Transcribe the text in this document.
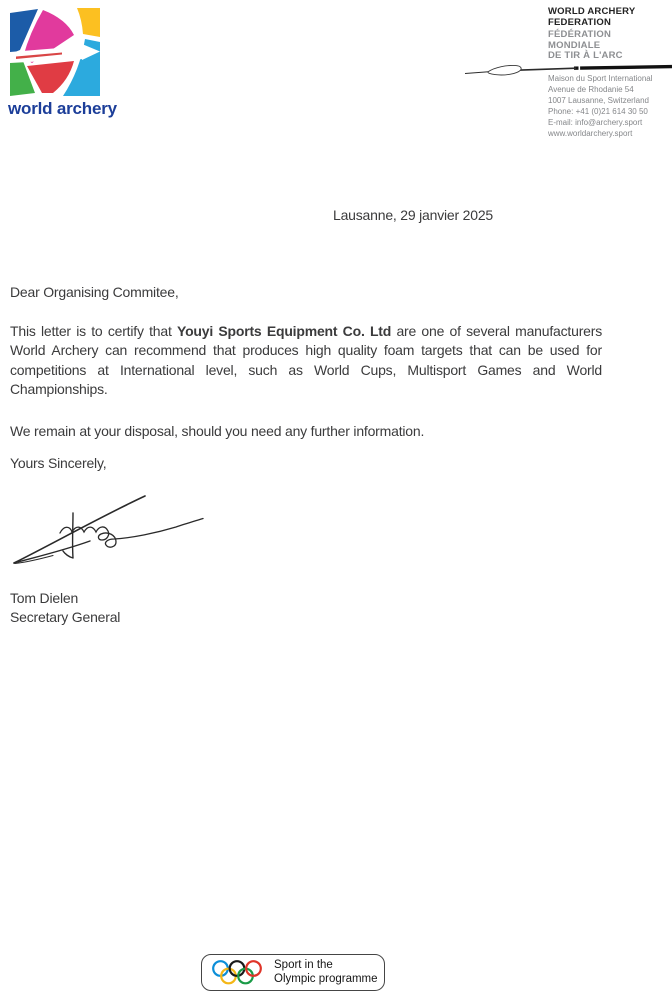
world archery
WORLD ARCHERY
FEDERATION
FÉDÉRATION
MONDIALE
DE TIR À L'ARC
Maison du Sport International
Avenue de Rhodanie 54
1007 Lausanne, Switzerland
Phone: +41 (0)21 614 30 50
E-mail: info@archery.sport
www.worldarchery.sport
Lausanne, 29 janvier 2025
Dear Organising Commitee,
This letter is to certify that Youyi Sports Equipment Co. Ltd are one of several manufacturers World Archery can recommend that produces high quality foam targets that can be used for competitions at International level, such as World Cups, Multisport Games and World Championships.
We remain at your disposal, should you need any further information.
Yours Sincerely,
Tom Dielen
Secretary General
Sport in the
Olympic programme
